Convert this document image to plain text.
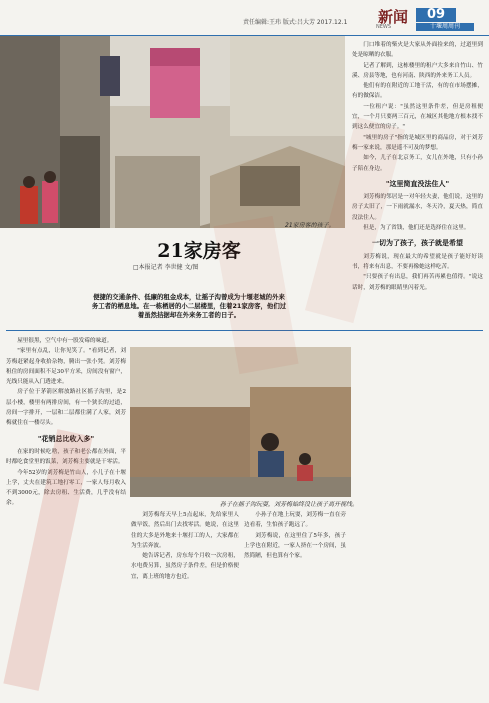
责任编辑:王玮 版式:吕大芳 2017.12.1 新闻
NEWS
09
十堰周周刊
21家房客的孩子。
21家房客
□本报记者 李世健 文/图
便捷的交通条件、低廉的租金成本，让摇子沟曾成为十堰老城的外来务工者的栖息地。在一栋栖居的小二层楼里，住着21家房客，他们过着虽然拮据却在外来务工者的日子。

屋里很黑，空气中有一股发霉的味道。

"家里有点乱，让你见笑了。"看到记者，刘芳梅赶紧起身收拾杂物，腾出一张小凳。刘芳梅租住的房间面积不足30平方米，房间没有窗户，光线只能从入门透进来。

房子位于茅箭区解放路社区摇子沟里，是2层小楼，楼里有两排房间，有一个狭长的过道，房间一字排开，一层和二层都住满了人家，刘芳梅就住在一楼尽头。

"花销总比收入多"

在家的时候吃啥，孩子和老公都在外面，平时都吃食堂里的饭菜，刘芳梅主要就是干零活。

今年52岁的刘芳梅是竹山人，小儿子在十堰上学，丈夫在建筑工地打零工，一家人每月收入不到3000元，除去房租、生活费，几乎没有结余。	孙子在摇子沟玩耍，刘芳梅始终没让孩子离开视线。

刘芳梅每天早上5点起床，先给家里人做早饭，然后出门去找零活。她说，在这里住的大多是外地来十堰打工的人，大家都在为生活奔波。

她告诉记者，房东每个月收一次房租，水电费另算，虽然房子条件差，但是价格便宜，离上班的地方也近。

小孙子在地上玩耍，刘芳梅一直在旁边看着，生怕孩子跑远了。

刘芳梅说，在这里住了5年多，孩子上学也在附近，一家人挤在一个房间，虽然简陋，但也算有个家。

门口堆着的柴火是大家从外面捡来的，过道里到处是晾晒的衣服。

记者了解到，这栋楼里的租户大多来自竹山、竹溪、房县等地，也有河南、陕西的外来务工人员。

他们有的在附近的工地干活，有的在市场摆摊，有的做保洁。

一位租户说："虽然这里条件差，但是房租便宜，一个月只要两三百元，在城区其他地方根本找不到这么便宜的房子。"

"城里的房子"指的是城区里的商品房，对于刘芳梅一家来说，那是遥不可及的梦想。

如今，儿子在北京务工，女儿在外地，只有小孙子陪在身边。

"这里简直没法住人"

刘芳梅的邻居是一对年轻夫妻，他们说，这里的房子太旧了，一下雨就漏水，冬天冷，夏天热，简直没法住人。

但是，为了省钱，他们还是选择住在这里。

一切为了孩子，孩子就是希望

刘芳梅说，现在最大的希望就是孩子能好好读书，将来有出息，不要再像她这样吃苦。

"只要孩子有出息，我们再苦再累也值得。"说这话时，刘芳梅的眼睛里闪着光。
